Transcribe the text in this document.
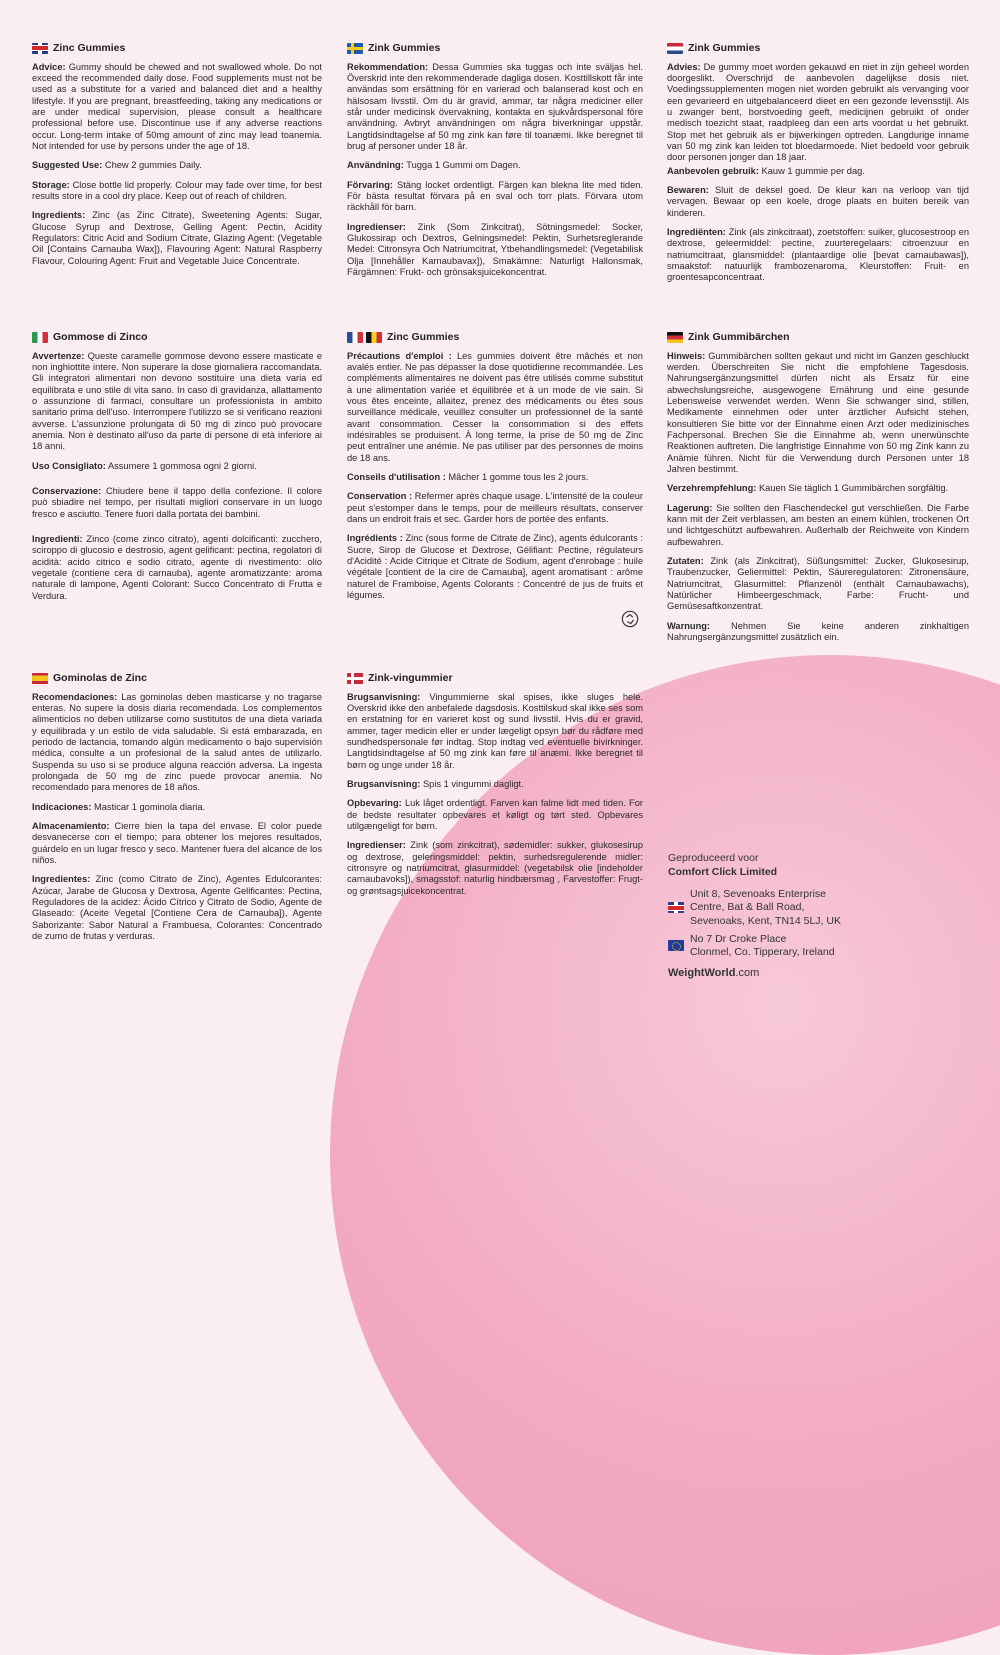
Zinc Gummies

Advice: Gummy should be chewed and not swallowed whole. Do not exceed the recommended daily dose. Food supplements must not be used as a substitute for a varied and balanced diet and a healthy lifestyle. If you are pregnant, breastfeeding, taking any medications or are under medical supervision, please consult a healthcare professional before use. Discontinue use if any adverse reactions occur. Long-term intake of 50mg amount of zinc may lead toanemia. Not intended for use by persons under the age of 18.

Suggested Use: Chew 2 gummies Daily.

Storage: Close bottle lid properly. Colour may fade over time, for best results store in a cool dry place. Keep out of reach of children.

Ingredients: Zinc (as Zinc Citrate), Sweetening Agents: Sugar, Glucose Syrup and Dextrose, Gelling Agent: Pectin, Acidity Regulators: Citric Acid and Sodium Citrate, Glazing Agent: (Vegetable Oil [Contains Carnauba Wax]), Flavouring Agent: Natural Raspberry Flavour, Colouring Agent: Fruit and Vegetable Juice Concentrate.

Zink Gummies

Rekommendation: Dessa Gummies ska tuggas och inte sväljas hel. Överskrid inte den rekommenderade dagliga dosen. Kosttillskott får inte användas som ersättning för en varierad och balanserad kost och en hälsosam livsstil. Om du är gravid, ammar, tar några mediciner eller står under medicinsk övervakning, kontakta en sjukvårdspersonal före användning. Avbryt användningen om några biverkningar uppstår. Langtidsindtagelse af 50 mg zink kan føre til toanæmi. Ikke beregnet til brug af personer under 18 år.

Användning: Tugga 1 Gummi om Dagen.

Förvaring: Stäng locket ordentligt. Färgen kan blekna lite med tiden. För bästa resultat förvara på en sval och torr plats. Förvara utom räckhåll för barn.

Ingredienser: Zink (Som Zinkcitrat), Sötningsmedel: Socker, Glukossirap och Dextros, Gelningsmedel: Pektin, Surhetsreglerande Medel: Citronsyra Och Natriumcitrat, Ytbehandlingsmedel: (Vegetabilisk Olja [Innehåller Karnaubavax]), Smakämne: Naturligt Hallonsmak, Färgämnen: Frukt- och grönsaksjuicekoncentrat.

Zink Gummies

Advies: De gummy moet worden gekauwd en niet in zijn geheel worden doorgeslikt. Overschrijd de aanbevolen dagelijkse dosis niet. Voedingssupplementen mogen niet worden gebruikt als vervanging voor een gevarieerd en uitgebalanceerd dieet en een gezonde levensstijl. Als u zwanger bent, borstvoeding geeft, medicijnen gebruikt of onder medisch toezicht staat, raadpleeg dan een arts voordat u het gebruikt. Stop met het gebruik als er bijwerkingen optreden. Langdurige inname van 50 mg zink kan leiden tot bloedarmoede. Niet bedoeld voor gebruik door personen jonger dan 18 jaar.

Aanbevolen gebruik: Kauw 1 gummie per dag.

Bewaren: Sluit de deksel goed. De kleur kan na verloop van tijd vervagen. Bewaar op een koele, droge plaats en buiten bereik van kinderen.

Ingrediënten: Zink (als zinkcitraat), zoetstoffen: suiker, glucosestroop en dextrose, geleermiddel: pectine, zuurteregelaars: citroenzuur en natriumcitraat, glansmiddel: (plantaardige olie [bevat carnaubawas]), smaakstof: natuurlijk frambozenaroma, Kleurstoffen: Fruit- en groentesapconcentraat.

Gommose di Zinco

Avvertenze: Queste caramelle gommose devono essere masticate e non inghiottite intere. Non superare la dose giornaliera raccomandata. Gli integratori alimentari non devono sostituire una dieta varia ed equilibrata e uno stile di vita sano. In caso di gravidanza, allattamento o assunzione di farmaci, consultare un professionista in ambito sanitario prima dell'uso. Interrompere l'utilizzo se si verificano reazioni avverse. L'assunzione prolungata di 50 mg di zinco può provocare anemia. Non è destinato all'uso da parte di persone di età inferiore ai 18 anni.

Uso Consigliato: Assumere 1 gommosa ogni 2 giorni.

Conservazione: Chiudere bene il tappo della confezione. Il colore può sbiadire nel tempo, per risultati migliori conservare in un luogo fresco e asciutto. Tenere fuori dalla portata dei bambini.

Ingredienti: Zinco (come zinco citrato), agenti dolcificanti: zucchero, sciroppo di glucosio e destrosio, agent gelificant: pectina, regolatori di acidità: acido citrico e sodio citrato, agente di rivestimento: olio vegetale (contiene cera di carnauba), agente aromatizzante: aroma naturale di lampone, Agenti Colorant: Succo Concentrato di Frutta e Verdura.

Zinc Gummies

Précautions d'emploi : Les gummies doivent être mâchés et non avalés entier. Ne pas dépasser la dose quotidienne recommandée. Les compléments alimentaires ne doivent pas être utilisés comme substitut à une alimentation variée et équilibrée et à un mode de vie sain. Si vous êtes enceinte, allaitez, prenez des médicaments ou êtes sous surveillance médicale, veuillez consulter un professionnel de la santé avant consommation. Cesser la consommation si des effets indésirables se produisent. À long terme, la prise de 50 mg de Zinc peut entraîner une anémie. Ne pas utiliser par des personnes de moins de 18 ans.

Conseils d'utilisation : Mâcher 1 gomme tous les 2 jours.

Conservation : Refermer après chaque usage. L'intensité de la couleur peut s'estomper dans le temps, pour de meilleurs résultats, conserver dans un endroit frais et sec. Garder hors de portée des enfants.

Ingrédients : Zinc (sous forme de Citrate de Zinc), agents édulcorants : Sucre, Sirop de Glucose et Dextrose, Gélifiant: Pectine, régulateurs d'Acidité : Acide Citrique et Citrate de Sodium, agent d'enrobage : huile végétale [contient de la cire de Carnauba], agent aromatisant : arôme naturel de Framboise, Agents Colorants : Concentré de jus de fruits et légumes.

Zink Gummibärchen

Hinweis: Gummibärchen sollten gekaut und nicht im Ganzen geschluckt werden. Überschreiten Sie nicht die empfohlene Tagesdosis. Nahrungsergänzungsmittel dürfen nicht als Ersatz für eine abwechslungsreiche, ausgewogene Ernährung und eine gesunde Lebensweise verwendet werden. Wenn Sie schwanger sind, stillen, Medikamente einnehmen oder unter ärztlicher Aufsicht stehen, konsultieren Sie bitte vor der Einnahme einen Arzt oder medizinisches Fachpersonal. Brechen Sie die Einnahme ab, wenn unerwünschte Reaktionen auftreten. Die langfristige Einnahme von 50 mg Zink kann zu Anämie führen. Nicht für die Verwendung durch Personen unter 18 Jahren bestimmt.

Verzehrempfehlung: Kauen Sie täglich 1 Gummibärchen sorgfältig.

Lagerung: Sie sollten den Flaschendeckel gut verschließen. Die Farbe kann mit der Zeit verblassen, am besten an einem kühlen, trockenen Ort und lichtgeschützt aufbewahren. Außerhalb der Reichweite von Kindern aufbewahren.

Zutaten: Zink (als Zinkcitrat), Süßungsmittel: Zucker, Glukosesirup, Traubenzucker, Geliermittel: Pektin, Säureregulatoren: Zitronensäure, Natriumcitrat, Glasurmittel: Pflanzenöl (enthält Carnaubawachs), Natürlicher Himbeergeschmack, Farbe: Frucht- und Gemüsesaftkonzentrat.

Warnung: Nehmen Sie keine anderen zinkhaltigen Nahrungsergänzungsmittel zusätzlich ein.

Gominolas de Zinc

Recomendaciones: Las gominolas deben masticarse y no tragarse enteras. No supere la dosis diaria recomendada. Los complementos alimenticios no deben utilizarse como sustitutos de una dieta variada y equilibrada y un estilo de vida saludable. Si está embarazada, en periodo de lactancia, tomando algún medicamento o bajo supervisión médica, consulte a un profesional de la salud antes de utilizarlo. Suspenda su uso si se produce alguna reacción adversa. La ingesta prolongada de 50 mg de zinc puede provocar anemia. No recomendado para menores de 18 años.

Indicaciones: Masticar 1 gominola diaria.

Almacenamiento: Cierre bien la tapa del envase. El color puede desvanecerse con el tiempo; para obtener los mejores resultados, guárdelo en un lugar fresco y seco. Mantener fuera del alcance de los niños.

Ingredientes: Zinc (como Citrato de Zinc), Agentes Edulcorantes: Azúcar, Jarabe de Glucosa y Dextrosa, Agente Gelificantes: Pectina, Reguladores de la acidez: Ácido Cítrico y Citrato de Sodio, Agente de Glaseado: (Aceite Vegetal [Contiene Cera de Carnauba]), Agente Saborizante: Sabor Natural a Frambuesa, Colorantes: Concentrado de zumo de frutas y verduras.

Zink-vingummier

Brugsanvisning: Vingummierne skal spises, ikke sluges hele. Overskrid ikke den anbefalede dagsdosis. Kosttilskud skal ikke ses som en erstatning for en varieret kost og sund livsstil. Hvis du er gravid, ammer, tager medicin eller er under lægeligt opsyn bør du rådføre med sundhedspersonale før indtag. Stop indtag ved eventuelle bivirkninger. Langtidsindtagelse af 50 mg zink kan føre til anæmi. Ikke beregnet til børn og unge under 18 år.

Brugsanvisning: Spis 1 vingummi dagligt.

Opbevaring: Luk låget ordentligt. Farven kan falme lidt med tiden. For de bedste resultater opbevares et køligt og tørt sted. Opbevares utilgængeligt for børn.

Ingredienser: Zink (som zinkcitrat), sødemidler: sukker, glukosesirup og dextrose, geleringsmiddel: pektin, surhedsregulerende midler: citronsyre og natriumcitrat, glasurmiddel: (vegetabilsk olie [indeholder carnaubavoks]), smagsstof: naturlig hindbærsmag , Farvestoffer: Frugt- og grøntsagsjuicekoncentrat.

Geproduceerd voor
Comfort Click Limited
Unit 8, Sevenoaks Enterprise
Centre, Bat & Ball Road,
Sevenoaks, Kent, TN14 5LJ, UK
No 7 Dr Croke Place
Clonmel, Co. Tipperary, Ireland
WeightWorld.com
